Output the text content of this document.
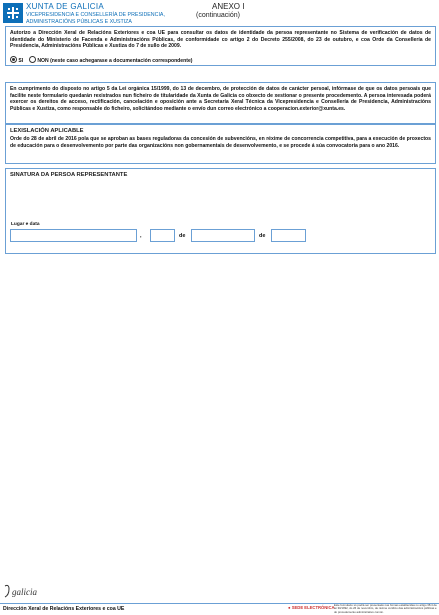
XUNTA DE GALICIA
VICEPRESIDENCIA E CONSELLERÍA DE PRESIDENCIA,
ADMINISTRACIÓNS PÚBLICAS E XUSTIZA
ANEXO I
(continuación)

Autorizo a Dirección Xeral de Relacións Exteriores e coa UE para consultar os datos de identidade da persoa representante no Sistema de verificación de datos de identidade do Ministerio de Facenda e Administracións Públicas, de conformidade co artigo 2 do Decreto 255/2008, do 23 de outubro, e coa Orde da Consellería de Presidencia, Administracións Públicas e Xustiza do 7 de xullo de 2009.

SI	NON (neste caso achegarase a documentación correspondente)

En cumprimento do disposto no artigo 5 da Lei orgánica 15/1999, do 13 de decembro, de protección de datos de carácter persoal, infórmase de que os datos persoais que facilite neste formulario quedarán rexistrados nun ficheiro de titularidade da Xunta de Galicia co obxecto de xestionar o presente procedemento. A persoa interesada poderá exercer os dereitos de acceso, rectificación, cancelación e oposición ante a Secretaría Xeral Técnica da Vicepresidencia e Consellería de Presidencia, Administracións Públicas e Xustiza, como responsable do ficheiro, solicitándoo mediante o envío dun correo electrónico a cooperacion.exterior@xunta.es.

LEXISLACIÓN APLICABLE

Orde do 28 de abril de 2016 pola que se aproban as bases reguladoras da concesión de subvencións, en réxime de concorrencia competitiva, para a execución de proxectos de educación para o desenvolvemento por parte das organizacións non gobernamentais de desenvolvemento, e se procede á súa convocatoria para o ano 2016.

SINATURA DA PERSOA REPRESENTANTE
Lugar e data
,	de	de
galicia
Dirección Xeral de Relacións Exteriores e coa UE	● SEDE ELECTRÓNICA Este formulario só podrá ser presentado nas formas establecidas no artigo 38.4 da lei 30/1992, do 26 de novembro, de réxime xurídico das administracións públicas e do procedemento administrativo común.
